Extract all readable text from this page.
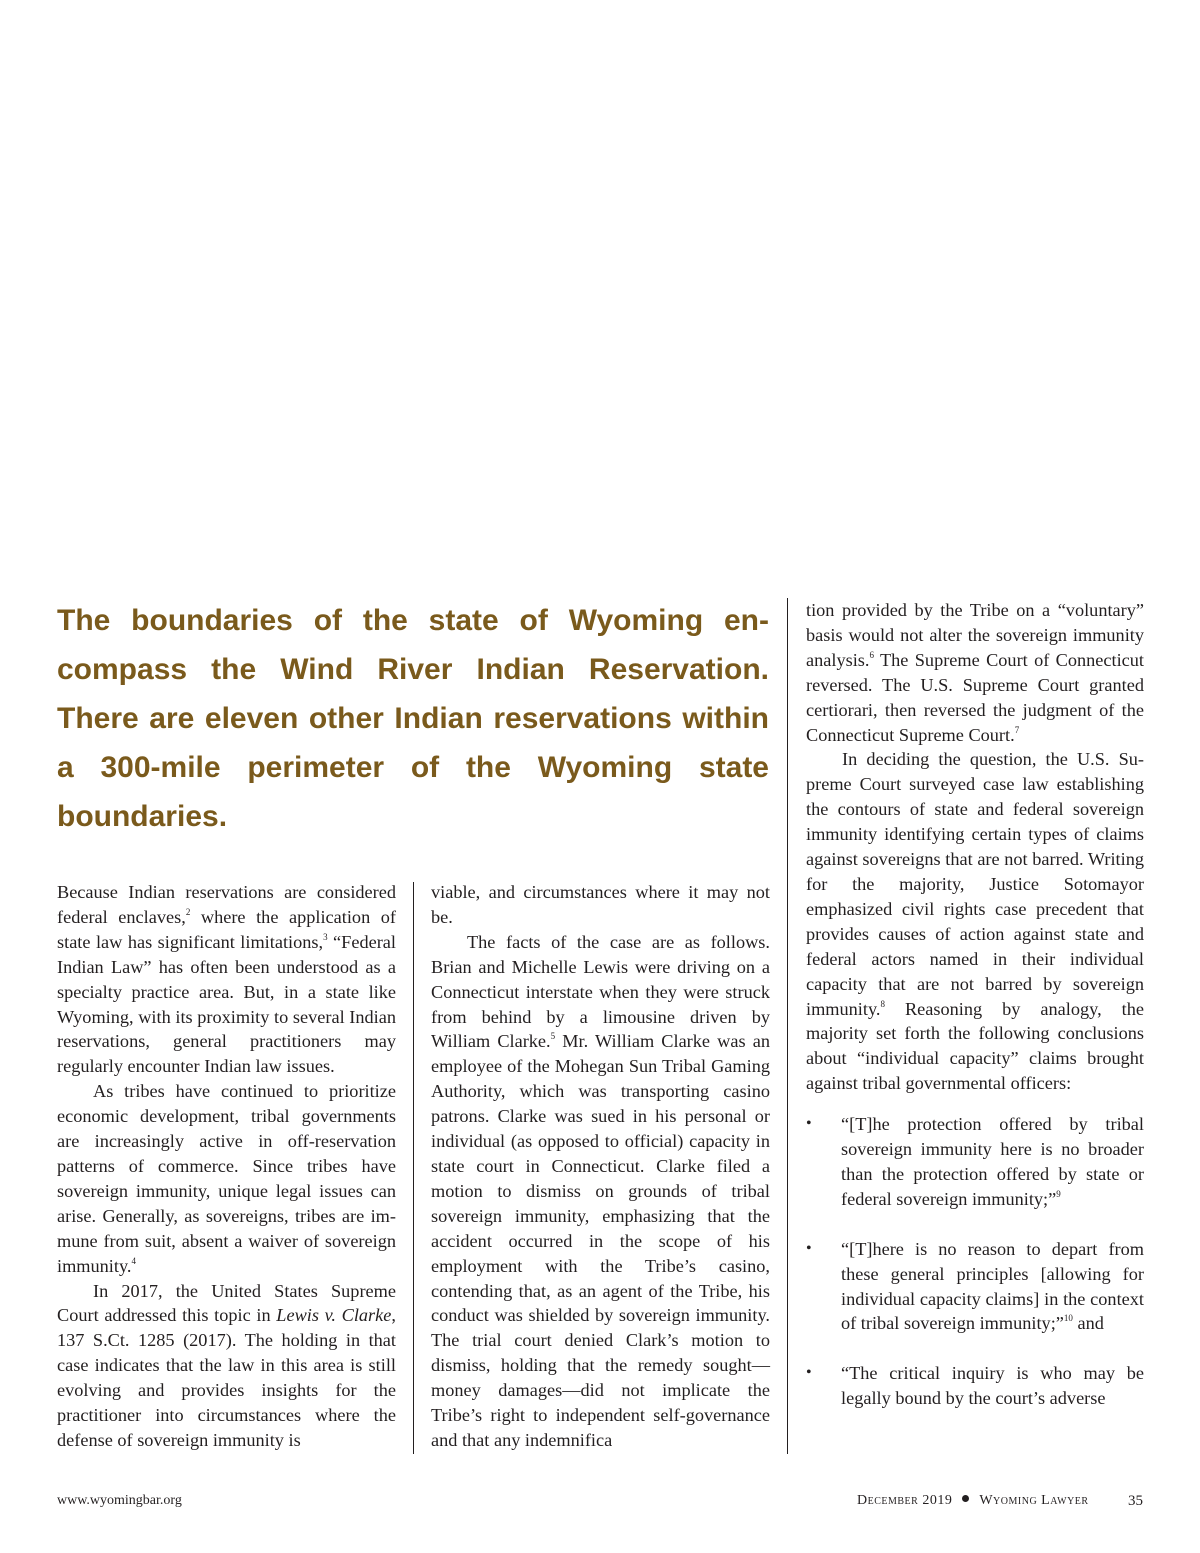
The boundaries of the state of Wyoming encompass the Wind River Indian Reservation. There are eleven other Indian reservations within a 300-mile perimeter of the Wyoming state boundaries.

Because Indian reservations are considered federal enclaves,$^2$ where the application of state law has significant limitations,$^3$ “Federal Indian Law” has often been understood as a specialty practice area. But, in a state like Wyoming, with its proximity to several Indian reservations, general practitioners may regularly encounter Indian law issues.

As tribes have continued to prioritize economic development, tribal governments are increasingly active in off-reservation patterns of commerce. Since tribes have sovereign immunity, unique legal issues can arise. Generally, as sovereigns, tribes are immune from suit, absent a waiver of sovereign immunity.$^4$

In 2017, the United States Supreme Court addressed this topic in Lewis v. Clarke, 137 S.Ct. 1285 (2017). The holding in that case indicates that the law in this area is still evolving and provides insights for the practitioner into circumstances where the defense of sovereign immunity is

viable, and circumstances where it may not be.

The facts of the case are as follows. Brian and Michelle Lewis were driving on a Connecticut interstate when they were struck from behind by a limousine driven by William Clarke.$^5$ Mr. William Clarke was an employee of the Mohegan Sun Tribal Gaming Authority, which was transporting casino patrons. Clarke was sued in his personal or individual (as opposed to official) capacity in state court in Connecticut. Clarke filed a motion to dismiss on grounds of tribal sovereign immunity, emphasizing that the accident occurred in the scope of his employment with the Tribe’s casino, contending that, as an agent of the Tribe, his conduct was shielded by sovereign immunity. The trial court denied Clark’s motion to dismiss, holding that the remedy sought—money damages—did not implicate the Tribe’s right to independent self-governance and that any indemnifica

tion provided by the Tribe on a “voluntary” basis would not alter the sovereign immunity analysis.$^6$ The Supreme Court of Connecticut reversed. The U.S. Supreme Court granted certiorari, then reversed the judgment of the Connecticut Supreme Court.$^7$

In deciding the question, the U.S. Supreme Court surveyed case law establishing the contours of state and federal sovereign immunity identifying certain types of claims against sovereigns that are not barred. Writing for the majority, Justice Sotomayor emphasized civil rights case precedent that provides causes of action against state and federal actors named in their individual capacity that are not barred by sovereign immunity.$^8$ Reasoning by analogy, the majority set forth the following conclusions about “individual capacity” claims brought against tribal governmental officers:

• “[T]he protection offered by tribal sovereign immunity here is no broader than the protection offered by state or federal sovereign immunity;”$^9$
• “[T]here is no reason to depart from these general principles [allowing for individual capacity claims] in the context of tribal sovereign immunity;”$^{10}$ and
• “The critical inquiry is who may be legally bound by the court’s adverse
www.wyomingbar.org	December 2019 Wyoming Lawyer	35
